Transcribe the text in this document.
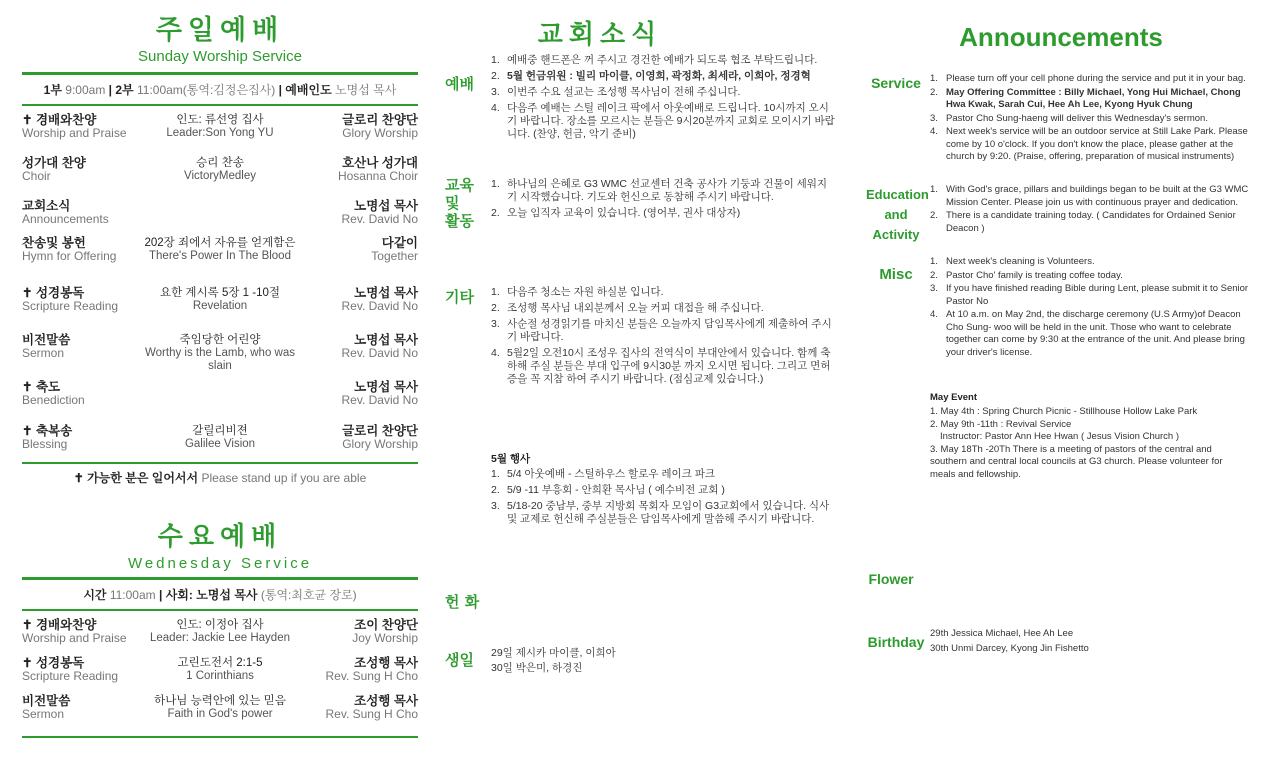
주일예배
Sunday Worship Service
1부 9:00am | 2부 11:00am(통역:김정은집사) | 예배인도 노명섭 목사
✝ 경배와찬양
Worship and Praise
인도: 류선영 집사
Leader:Son Yong YU
글로리 찬양단
Glory Worship
성가대 찬양
Choir
승리 찬송
VictoryMedley
호산나 성가대
Hosanna Choir
교회소식
Announcements
노명섭 목사
Rev. David No
찬송및 봉헌
Hymn for Offering
202장 죄에서 자유를 얻게함은
There's Power In The Blood
다같이
Together
✝ 성경봉독
Scripture Reading
요한 계시록 5장 1 -10절
Revelation
노명섭 목사
Rev. David No
비전말씀
Sermon
죽임당한 어린양
Worthy is the Lamb, who was slain
노명섭 목사
Rev. David No
✝ 축도
Benediction
노명섭 목사
Rev. David No
✝ 축복송
Blessing
갈릴리비젼
Galilee Vision
글로리 찬양단
Glory Worship
✝ 가능한 분은 일어서서 Please stand up if you are able
수요예배
Wednesday Service
시간 11:00am | 사회: 노명섭 목사 (통역:최호균 장로)
✝ 경배와찬양
Worship and Praise
인도: 이정아 집사
Leader: Jackie Lee Hayden
조이 찬양단
Joy Worship
✝ 성경봉독
Scripture Reading
고린도전서 2:1-5
1 Corinthians
조성행 목사
Rev. Sung H Cho
비전말씀
Sermon
하나님 능력안에 있는 믿음
Faith in God's power
조성행 목사
Rev. Sung H Cho
교회소식
예배
1. 예배중 핸드폰은 꺼 주시고 경건한 예배가 되도록 협조 부탁드립니다.
2. 5월 헌금위원 : 빌리 마이클, 이영희, 곽정화, 최세라, 이희아, 정경혁
3. 이번주 수요 설교는 조성행 목사님이 전해 주십니다.
4. 다음주 예배는 스틸 레이크 팍에서 아웃예배로 드립니다. 10시까지 오시기 바랍니다. 장소를 모르시는 분들은 9시20분까지 교회로 모이시기 바랍니다. (찬양, 헌금, 악기 준비)
교육 및 활동
1. 하나님의 은혜로 G3 WMC 선교센터 건축 공사가 기둥과 건물이 세워지기 시작했습니다. 기도와 헌신으로 동참해 주시기 바랍니다.
2. 오늘 임직자 교육이 있습니다. (영어부, 권사 대상자)
기타 1. 다음주 청소는 자원 하실분 입니다.
2. 조성행 목사님 내외분께서 오늘 커피 대접을 해 주십니다.
3. 사순절 성경읽기를 마치신 분들은 오늘까지 담임목사에게 제출하여 주시기 바랍니다.
4. 5월2일 오전10시 조성우 집사의 전역식이 부대안에서 있습니다. 함께 축하해 주실 분들은 부대 입구에 9시30분 까지 오시면 됩니다. 그리고 면허증을 꼭 지참 하여 주시기 바랍니다. (점심교제 있습니다.)
5월 행사
1. 5/4 아웃예배 - 스틸하우스 할로우 레이크 파크
2. 5/9 -11 부흥회 - 안희환 목사님 ( 예수비전 교회 )
3. 5/18-20 중남부, 중부 지방회 목회자 모임이 G3교회에서 있습니다. 식사및 교제로 헌신해 주실분들은 담임목사에게 말씀해 주시기 바랍니다.
헌 화
생일 29일 제시카 마이클, 이희아
30일 박은미, 하경진
Announcements
Service 1. Please turn off your cell phone during the service and put it in your bag.
2. May Offering Committee : Billy Michael, Yong Hui Michael, Chong Hwa Kwak, Sarah Cui, Hee Ah Lee, Kyong Hyuk Chung
3. Pastor Cho Sung-haeng will deliver this Wednesday's sermon.
4. Next week's service will be an outdoor service at Still Lake Park. Please come by 10 o'clock. If you don't know the place, please gather at the church by 9:20. (Praise, offering, preparation of musical instruments)
Education and Activity
1. With God's grace, pillars and buildings began to be built at the G3 WMC Mission Center. Please join us with continuous prayer and dedication.
2. There is a candidate training today. ( Candidates for Ordained Senior Deacon )
Misc
1. Next week's cleaning is Volunteers.
2. Pastor Cho' family is treating coffee today.
3. If you have finished reading Bible during Lent, please submit it to Senior Pastor No
4. At 10 a.m. on May 2nd, the discharge ceremony (U.S Army)of Deacon Cho Sung- woo will be held in the unit. Those who want to celebrate together can come by 9:30 at the entrance of the unit. And please bring your driver's license.
May Event
1. May 4th : Spring Church Picnic - Stillhouse Hollow Lake Park
2. May 9th -11th : Revival Service
Instructor: Pastor Ann Hee Hwan ( Jesus Vision Church )
3. May 18Th -20Th There is a meeting of pastors of the central and southern and central local councils at G3 church. Please volunteer for meals and fellowship.
Flower
Birthday
29th Jessica Michael, Hee Ah Lee
30th Unmi Darcey, Kyong Jin Fishetto
